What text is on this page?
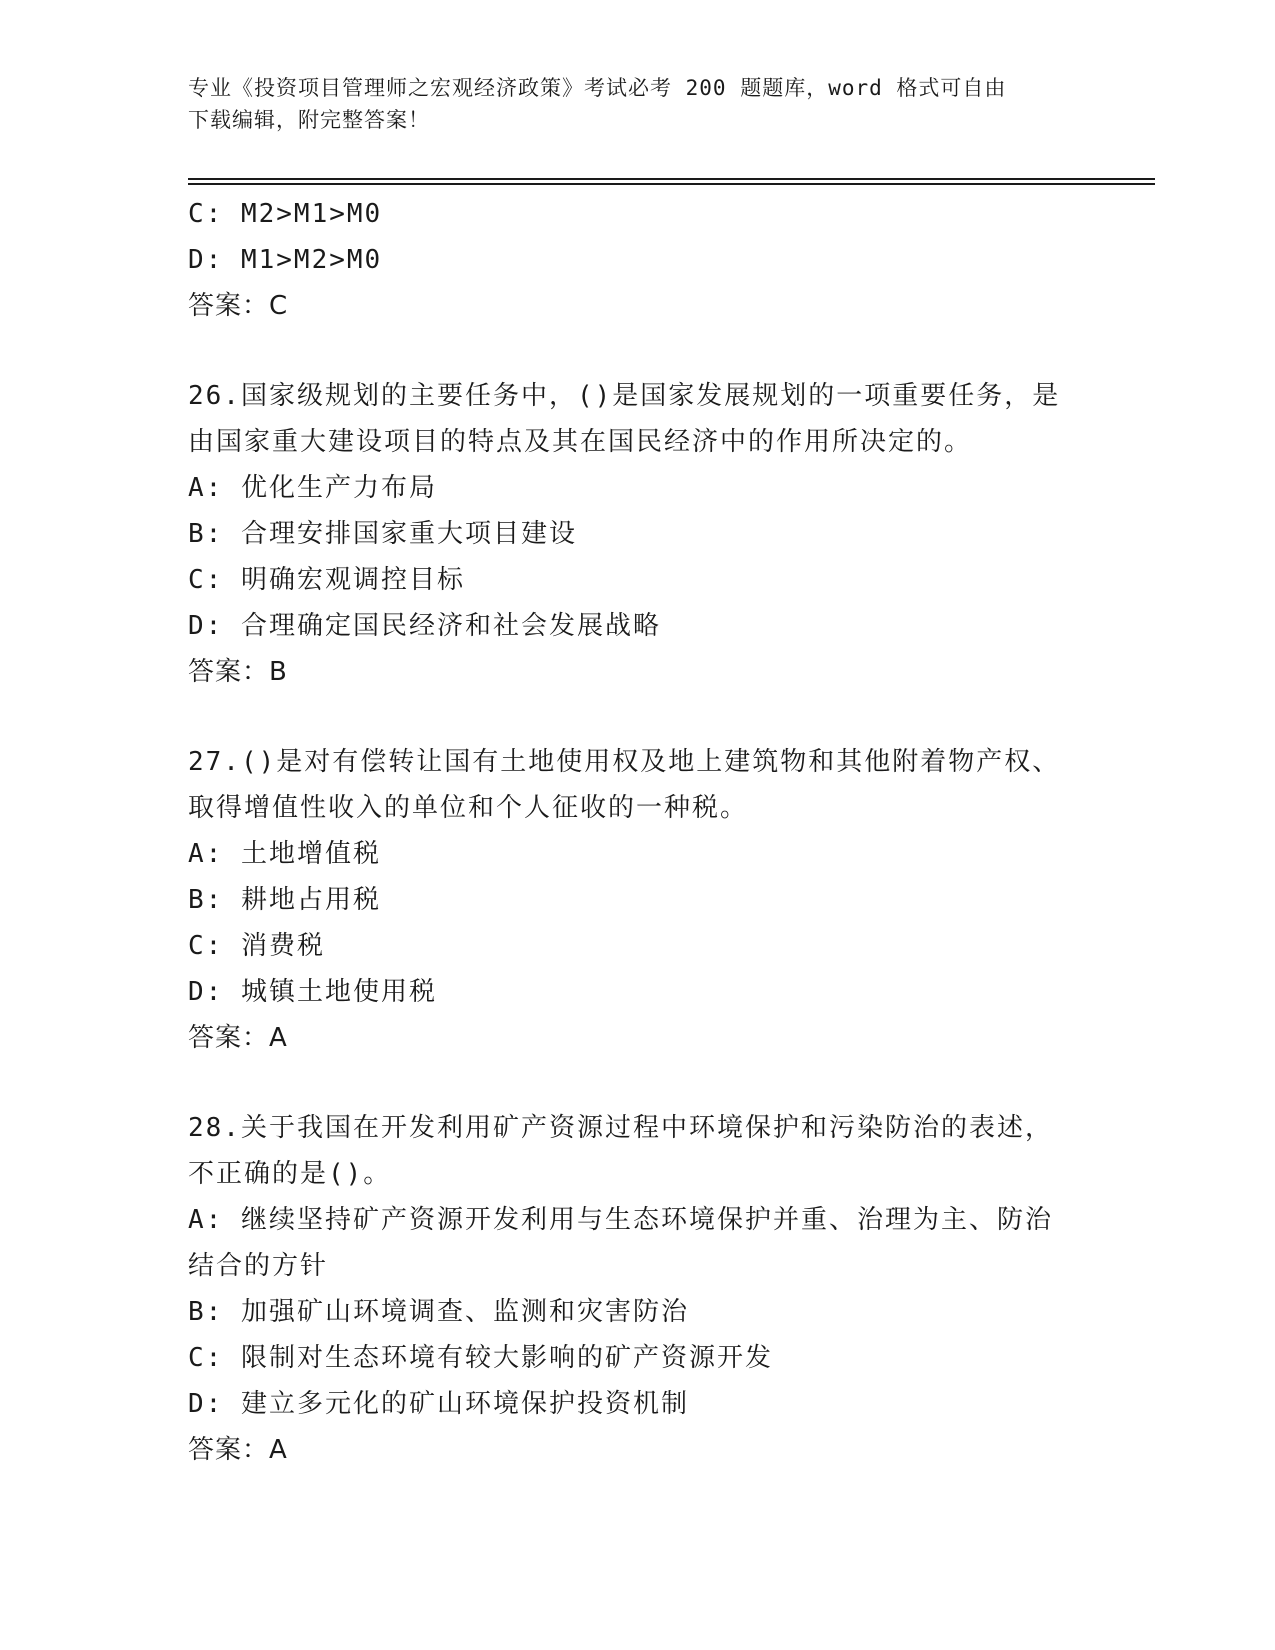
专业《投资项目管理师之宏观经济政策》考试必考 200 题题库，word 格式可自由
下载编辑，附完整答案！
C: M2>M1>M0
D: M1>M2>M0
答案：C
26.国家级规划的主要任务中，()是国家发展规划的一项重要任务，是
由国家重大建设项目的特点及其在国民经济中的作用所决定的。
A: 优化生产力布局
B: 合理安排国家重大项目建设
C: 明确宏观调控目标
D: 合理确定国民经济和社会发展战略
答案：B
27.()是对有偿转让国有土地使用权及地上建筑物和其他附着物产权、
取得增值性收入的单位和个人征收的一种税。
A: 土地增值税
B: 耕地占用税
C: 消费税
D: 城镇土地使用税
答案：A
28.关于我国在开发利用矿产资源过程中环境保护和污染防治的表述，
不正确的是()。
A: 继续坚持矿产资源开发利用与生态环境保护并重、治理为主、防治
结合的方针
B: 加强矿山环境调查、监测和灾害防治
C: 限制对生态环境有较大影响的矿产资源开发
D: 建立多元化的矿山环境保护投资机制
答案：A
